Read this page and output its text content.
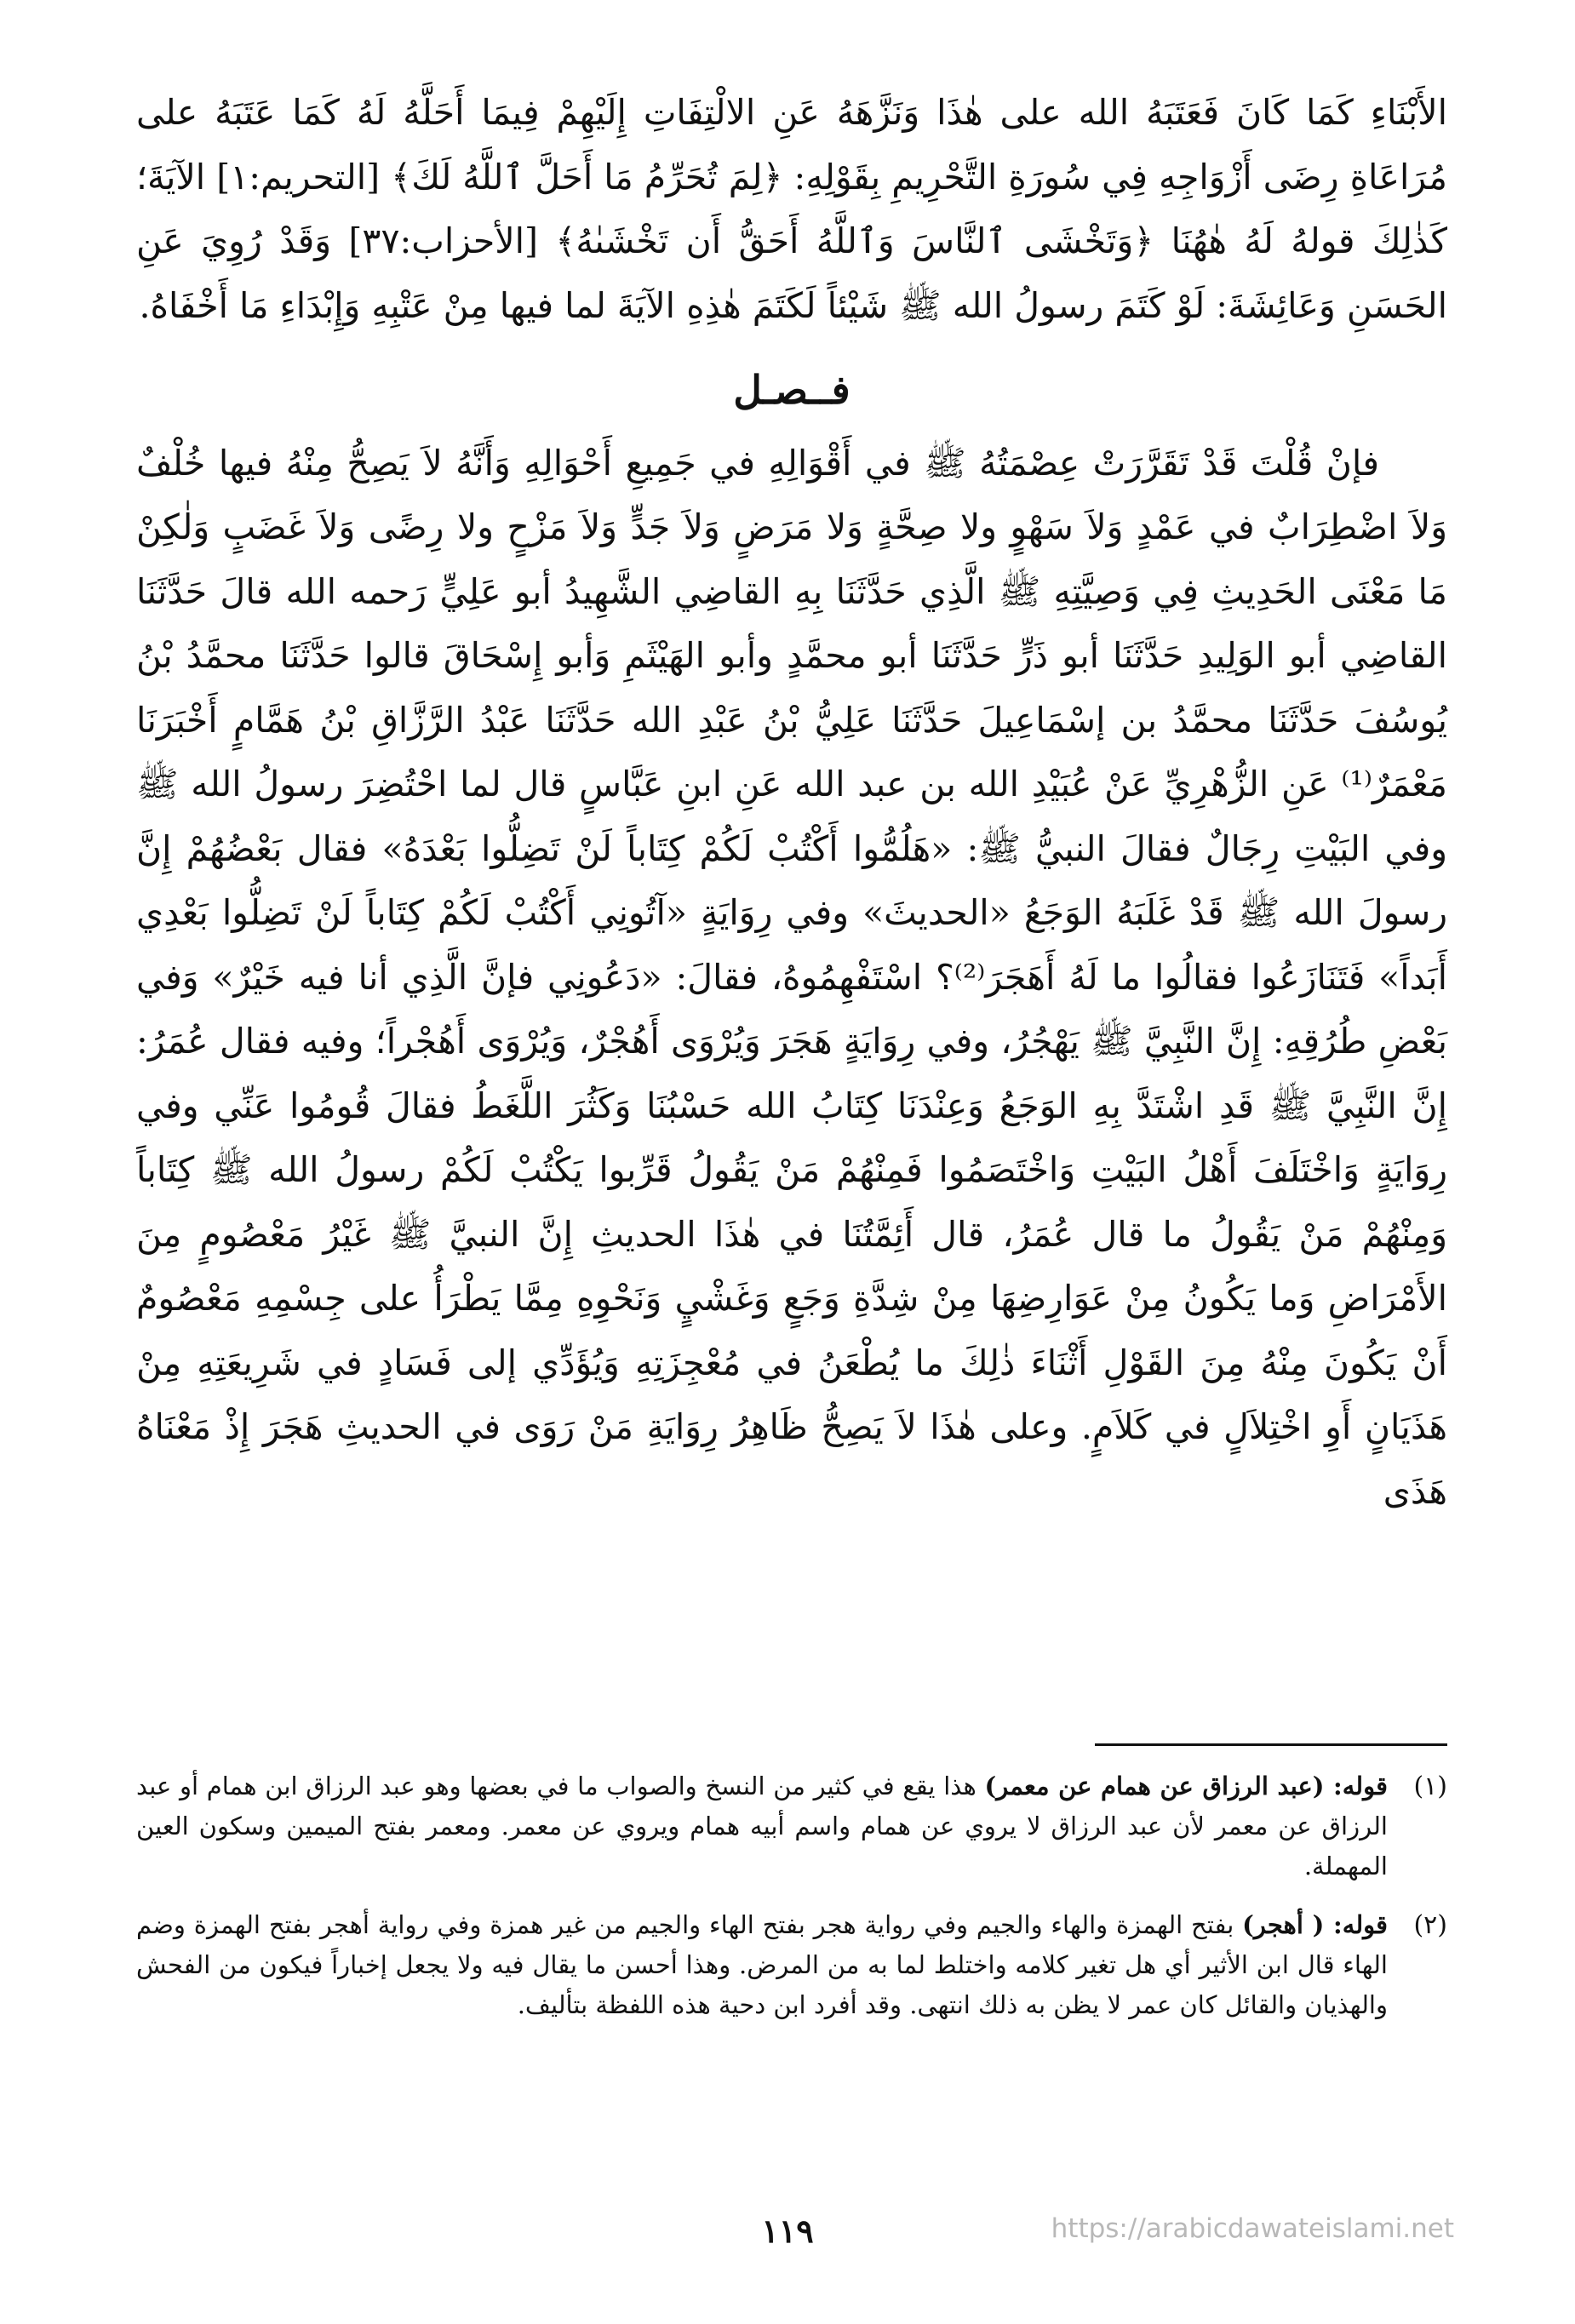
الأَبْنَاءِ كَمَا كَانَ فَعَتَبَهُ الله على هٰذَا وَنَزَّهَهُ عَنِ الالْتِفَاتِ إِلَيْهِمْ فِيمَا أَحَلَّهُ لَهُ كَمَا عَتَبَهُ على مُرَاعَاةِ رِضَى أَزْوَاجِهِ فِي سُورَةِ التَّحْرِيمِ بِقَوْلِهِ: ﴿لِمَ تُحَرِّمُ مَا أَحَلَّ ٱللَّهُ لَكَ﴾ [التحريم:١] الآيَةَ؛ كَذٰلِكَ قولهُ لَهُ هٰهُنَا ﴿وَتَخْشَى ٱلنَّاسَ وَٱللَّهُ أَحَقُّ أَن تَخْشَىٰهُ﴾ [الأحزاب:٣٧] وَقَدْ رُوِيَ عَنِ الحَسَنِ وَعَائِشَةَ: لَوْ كَتَمَ رسولُ الله ﷺ شَيْئاً لَكَتَمَ هٰذِهِ الآيَةَ لما فيها مِنْ عَتْبِهِ وَإِبْدَاءِ مَا أَخْفَاهُ.

فــصـل

فإنْ قُلْتَ قَدْ تَقَرَّرَتْ عِصْمَتُهُ ﷺ في أَقْوَالِهِ في جَمِيعِ أَحْوَالِهِ وَأَنَّهُ لاَ يَصِحُّ مِنْهُ فيها خُلْفٌ وَلاَ اضْطِرَابٌ في عَمْدٍ وَلاَ سَهْوٍ ولا صِحَّةٍ وَلا مَرَضٍ وَلاَ جَدٍّ وَلاَ مَزْحٍ ولا رِضًى وَلاَ غَضَبٍ وَلٰكِنْ مَا مَعْنَى الحَدِيثِ فِي وَصِيَّتِهِ ﷺ الَّذِي حَدَّثَنَا بِهِ القاضِي الشَّهِيدُ أبو عَلِيٍّ رَحمه الله قالَ حَدَّثَنَا القاضِي أبو الوَلِيدِ حَدَّثَنَا أبو ذَرٍّ حَدَّثَنَا أبو محمَّدٍ وأبو الهَيْثَمِ وَأبو إِسْحَاقَ قالوا حَدَّثَنَا محمَّدُ بْنُ يُوسُفَ حَدَّثَنَا محمَّدُ بن إسْمَاعِيلَ حَدَّثَنَا عَلِيُّ بْنُ عَبْدِ الله حَدَّثَنَا عَبْدُ الرَّزَّاقِ بْنُ هَمَّامٍ أَخْبَرَنَا مَعْمَرٌ⁽¹⁾ عَنِ الزُّهْرِيِّ عَنْ عُبَيْدِ الله بن عبد الله عَنِ ابنِ عَبَّاسٍ قال لما احْتُضِرَ رسولُ الله ﷺ وفي البَيْتِ رِجَالٌ فقالَ النبيُّ ﷺ: «هَلُمُّوا أَكْتُبْ لَكُمْ كِتَاباً لَنْ تَضِلُّوا بَعْدَهُ» فقال بَعْضُهُمْ إِنَّ رسولَ الله ﷺ قَدْ غَلَبَهُ الوَجَعُ «الحديثَ» وفي رِوَايَةٍ «آتُونِي أَكْتُبْ لَكُمْ كِتَاباً لَنْ تَضِلُّوا بَعْدِي أَبَداً» فَتَنَازَعُوا فقالُوا ما لَهُ أَهَجَرَ⁽²⁾؟ اسْتَفْهِمُوهُ، فقالَ: «دَعُونِي فإنَّ الَّذِي أنا فيه خَيْرٌ» وَفي بَعْضِ طُرُقِهِ: إِنَّ النَّبِيَّ ﷺ يَهْجُرُ، وفي رِوَايَةٍ هَجَرَ وَيُرْوَى أَهُجْرٌ، وَيُرْوَى أَهُجْراً؛ وفيه فقال عُمَرُ: إِنَّ النَّبِيَّ ﷺ قَدِ اشْتَدَّ بِهِ الوَجَعُ وَعِنْدَنَا كِتَابُ الله حَسْبُنَا وَكَثُرَ اللَّغَطُ فقالَ قُومُوا عَنِّي وفي رِوَايَةٍ وَاخْتَلَفَ أَهْلُ البَيْتِ وَاخْتَصَمُوا فَمِنْهُمْ مَنْ يَقُولُ قَرِّبوا يَكْتُبْ لَكُمْ رسولُ الله ﷺ كِتَاباً وَمِنْهُمْ مَنْ يَقُولُ ما قال عُمَرُ، قال أَئِمَّتُنَا في هٰذَا الحديثِ إِنَّ النبيَّ ﷺ غَيْرُ مَعْصُومٍ مِنَ الأَمْرَاضِ وَما يَكُونُ مِنْ عَوَارِضِهَا مِنْ شِدَّةِ وَجَعٍ وَغَشْيٍ وَنَحْوِهِ مِمَّا يَطْرَأُ على جِسْمِهِ مَعْصُومٌ أَنْ يَكُونَ مِنْهُ مِنَ القَوْلِ أَثْنَاءَ ذٰلِكَ ما يُطْعَنُ في مُعْجِزَتِهِ وَيُؤَدِّي إلى فَسَادٍ في شَرِيعَتِهِ مِنْ هَذَيَانٍ أَوِ اخْتِلاَلٍ في كَلاَمٍ. وعلى هٰذَا لاَ يَصِحُّ ظَاهِرُ رِوَايَةِ مَنْ رَوَى في الحديثِ هَجَرَ إِذْ مَعْنَاهُ هَذَى

(١)
قوله: (عبد الرزاق عن همام عن معمر) هذا يقع في كثير من النسخ والصواب ما في بعضها وهو عبد الرزاق ابن همام أو عبد الرزاق عن معمر لأن عبد الرزاق لا يروي عن همام واسم أبيه همام ويروي عن معمر. ومعمر بفتح الميمين وسكون العين المهملة.
(٢)
قوله: ( أهجر) بفتح الهمزة والهاء والجيم وفي رواية هجر بفتح الهاء والجيم من غير همزة وفي رواية أهجر بفتح الهمزة وضم الهاء قال ابن الأثير أي هل تغير كلامه واختلط لما به من المرض. وهذا أحسن ما يقال فيه ولا يجعل إخباراً فيكون من الفحش والهذيان والقائل كان عمر لا يظن به ذلك انتهى. وقد أفرد ابن دحية هذه اللفظة بتأليف.
١١٩	https://arabicdawateislami.net
